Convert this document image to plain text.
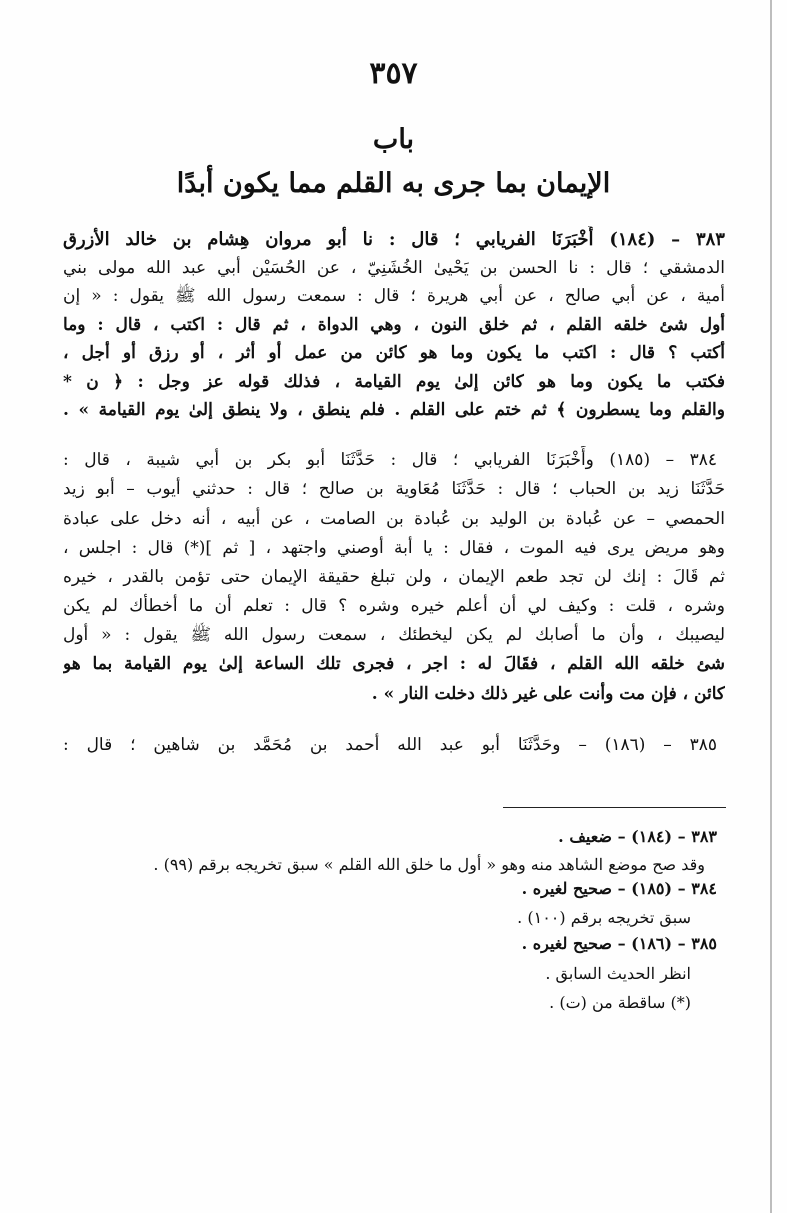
٣٥٧
باب
الإيمان بما جرى به القلم مما يكون أبدًا
٣٨٣ – (١٨٤) أَخْبَرَنَا الفريابي ؛ قال : نا أبو مروان هِشام بن خالد الأزرق
الدمشقي ؛ قال : نا الحسن بن يَحْيىٰ الخُشَنِيّ ، عن الحُسَيْن أبي عبد الله مولى بني
أمية ، عن أبي صالح ، عن أبي هريرة ؛ قال : سمعت رسول الله ﷺ يقول : « إن
أول شئ خلقه القلم ، ثم خلق النون ، وهي الدواة ، ثم قال : اكتب ، قال : وما
أكتب ؟ قال : اكتب ما يكون وما هو كائن من عمل أو أثر ، أو رزق أو أجل ،
فكتب ما يكون وما هو كائن إلىٰ يوم القيامة ، فذلك قوله عز وجل : ﴿ ن *
والقلم وما يسطرون ﴾ ثم ختم على القلم . فلم ينطق ، ولا ينطق إلىٰ يوم القيامة » .
٣٨٤ – (١٨٥) وأَخْبَرَنَا الفريابي ؛ قال : حَدَّثَنَا أبو بكر بن أبي شيبة ، قال :
حَدَّثَنَا زيد بن الحباب ؛ قال : حَدَّثَنَا مُعَاوية بن صالح ؛ قال : حدثني أيوب – أبو زيد
الحمصي – عن عُبادة بن الوليد بن عُبادة بن الصامت ، عن أبيه ، أنه دخل على عبادة
وهو مريض يرى فيه الموت ، فقال : يا أبة أوصني واجتهد ، [ ثم ](*) قال : اجلس ،
ثم قَالَ : إنك لن تجد طعم الإيمان ، ولن تبلغ حقيقة الإيمان حتى تؤمن بالقدر ، خيره
وشره ، قلت : وكيف لي أن أعلم خيره وشره ؟ قال : تعلم أن ما أخطأك لم يكن
ليصيبك ، وأن ما أصابك لم يكن ليخطئك ، سمعت رسول الله ﷺ يقول : « أول
شئ خلقه الله القلم ، فقَالَ له : اجر ، فجرى تلك الساعة إلىٰ يوم القيامة بما هو
كائن ، فإن مت وأنت على غير ذلك دخلت النار » .
٣٨٥ – (١٨٦) – وحَدَّثَنَا أبو عبد الله أحمد بن مُحَمَّد بن شاهين ؛ قال :
٣٨٣ – (١٨٤) – ضعيف .
وقد صح موضع الشاهد منه وهو « أول ما خلق الله القلم » سبق تخريجه برقم (٩٩) .
٣٨٤ – (١٨٥) – صحيح لغيره .
سبق تخريجه برقم (١٠٠) .
٣٨٥ – (١٨٦) – صحيح لغيره .
انظر الحديث السابق .
(*) ساقطة من (ت) .
